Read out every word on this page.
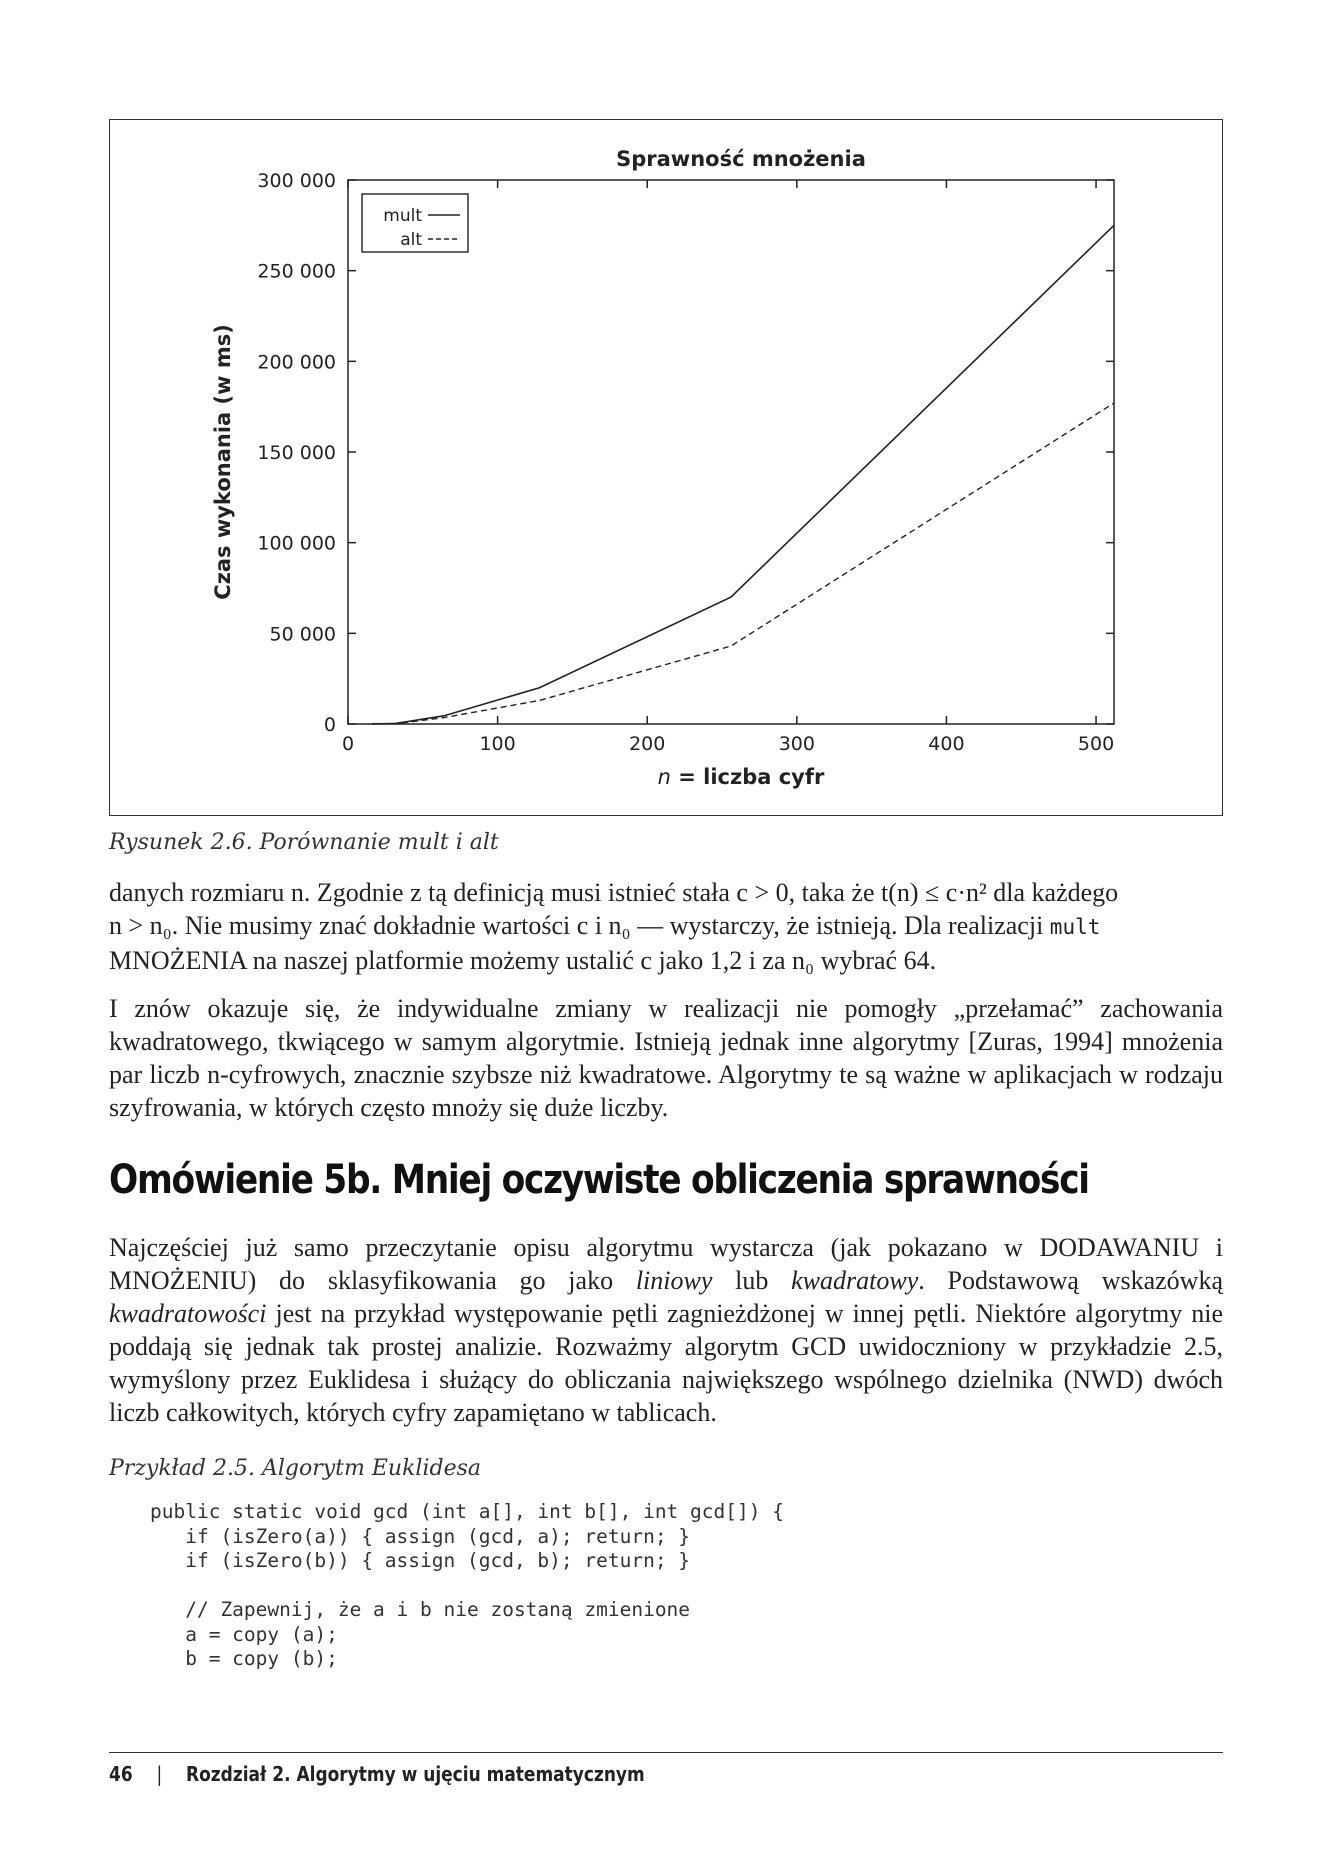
Sprawność mnożenia
0	100	200	300	400	500
0
50 000
100 000
150 000
200 000
250 000
300 000
n = liczba cyfr
Czas wykonania (w ms)
mult
alt
Rysunek 2.6. Porównanie mult i alt

danych rozmiaru n. Zgodnie z tą definicją musi istnieć stała c > 0, taka że t(n) ≤ c·n² dla każdego

n > n₀. Nie musimy znać dokładnie wartości c i n₀ — wystarczy, że istnieją. Dla realizacji mult

MNOŻENIA na naszej platformie możemy ustalić c jako 1,2 i za n₀ wybrać 64.

I znów okazuje się, że indywidualne zmiany w realizacji nie pomogły „przełamać” zachowania kwadratowego, tkwiącego w samym algorytmie. Istnieją jednak inne algorytmy [Zuras, 1994] mnożenia par liczb n-cyfrowych, znacznie szybsze niż kwadratowe. Algorytmy te są ważne w aplikacjach w rodzaju szyfrowania, w których często mnoży się duże liczby.

Omówienie 5b. Mniej oczywiste obliczenia sprawności

Najczęściej już samo przeczytanie opisu algorytmu wystarcza (jak pokazano w DODAWANIU i MNOŻENIU) do sklasyfikowania go jako liniowy lub kwadratowy. Podstawową wskazówką kwadratowości jest na przykład występowanie pętli zagnieżdżonej w innej pętli. Niektóre algorytmy nie poddają się jednak tak prostej analizie. Rozważmy algorytm GCD uwidoczniony w przykładzie 2.5, wymyślony przez Euklidesa i służący do obliczania największego wspólnego dzielnika (NWD) dwóch liczb całkowitych, których cyfry zapamiętano w tablicach.

Przykład 2.5. Algorytm Euklidesa
public static void gcd (int a[], int b[], int gcd[]) {
if (isZero(a)) { assign (gcd, a); return; }
if (isZero(b)) { assign (gcd, b); return; }

// Zapewnij, że a i b nie zostaną zmienione
a = copy (a);
b = copy (b);
46 | Rozdział 2. Algorytmy w ujęciu matematycznym
